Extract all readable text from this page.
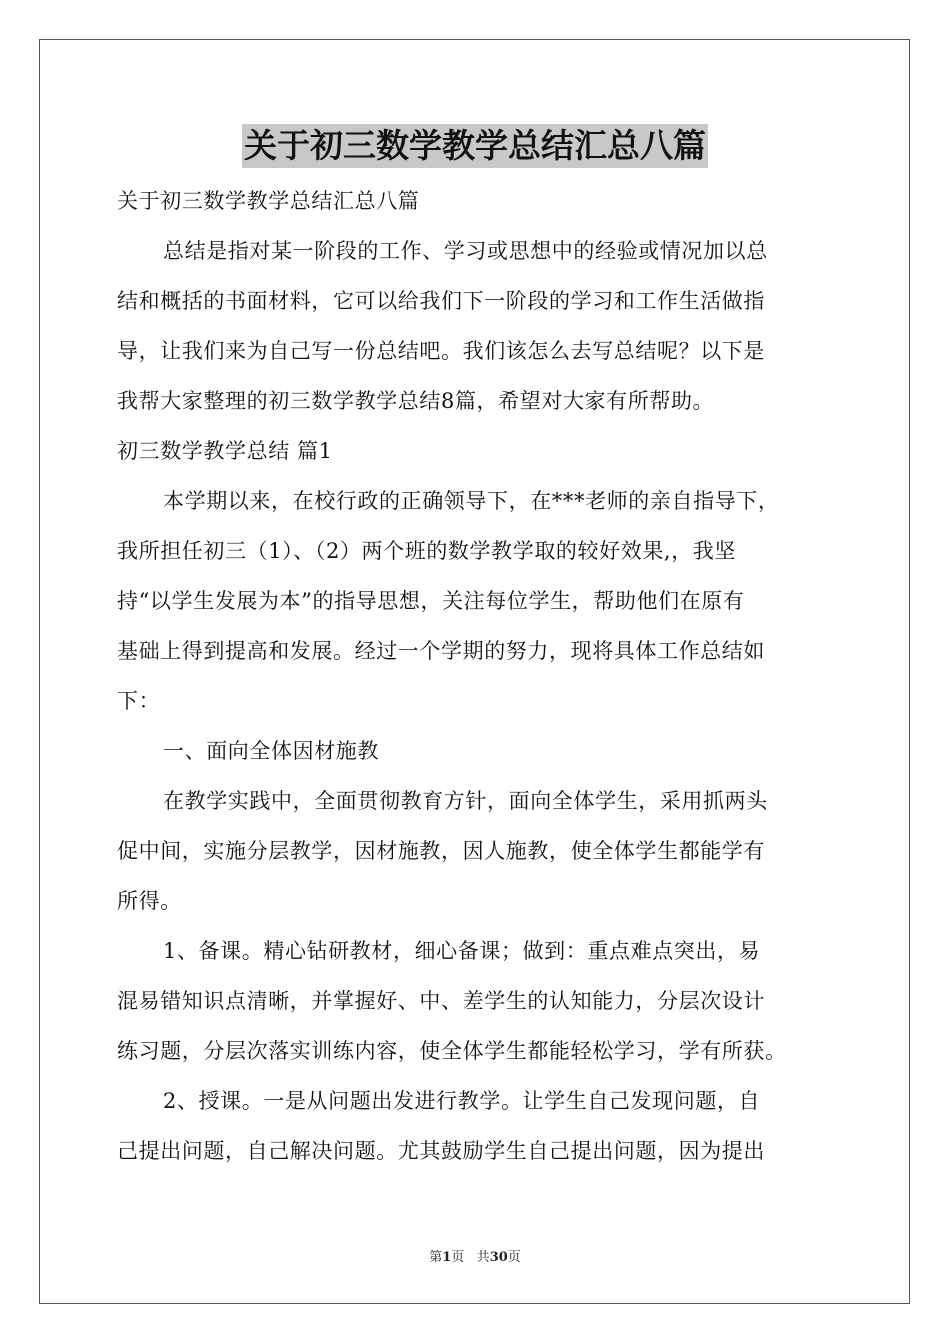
关于初三数学教学总结汇总八篇
关于初三数学教学总结汇总八篇
总结是指对某一阶段的工作、学习或思想中的经验或情况加以总
结和概括的书面材料，它可以给我们下一阶段的学习和工作生活做指
导，让我们来为自己写一份总结吧。我们该怎么去写总结呢？以下是
我帮大家整理的初三数学教学总结8篇，希望对大家有所帮助。
初三数学教学总结 篇1
本学期以来，在校行政的正确领导下，在***老师的亲自指导下，
我所担任初三（1）、（2）两个班的数学教学取的较好效果,，我坚
持“以学生发展为本”的指导思想，关注每位学生，帮助他们在原有
基础上得到提高和发展。经过一个学期的努力，现将具体工作总结如
下：
一、面向全体因材施教
在教学实践中，全面贯彻教育方针，面向全体学生，采用抓两头
促中间，实施分层教学，因材施教，因人施教，使全体学生都能学有
所得。
1、备课。精心钻研教材，细心备课；做到：重点难点突出，易
混易错知识点清晰，并掌握好、中、差学生的认知能力，分层次设计
练习题，分层次落实训练内容，使全体学生都能轻松学习，学有所获。
2、授课。一是从问题出发进行教学。让学生自己发现问题，自
己提出问题，自己解决问题。尤其鼓励学生自己提出问题，因为提出
第1页 共30页
